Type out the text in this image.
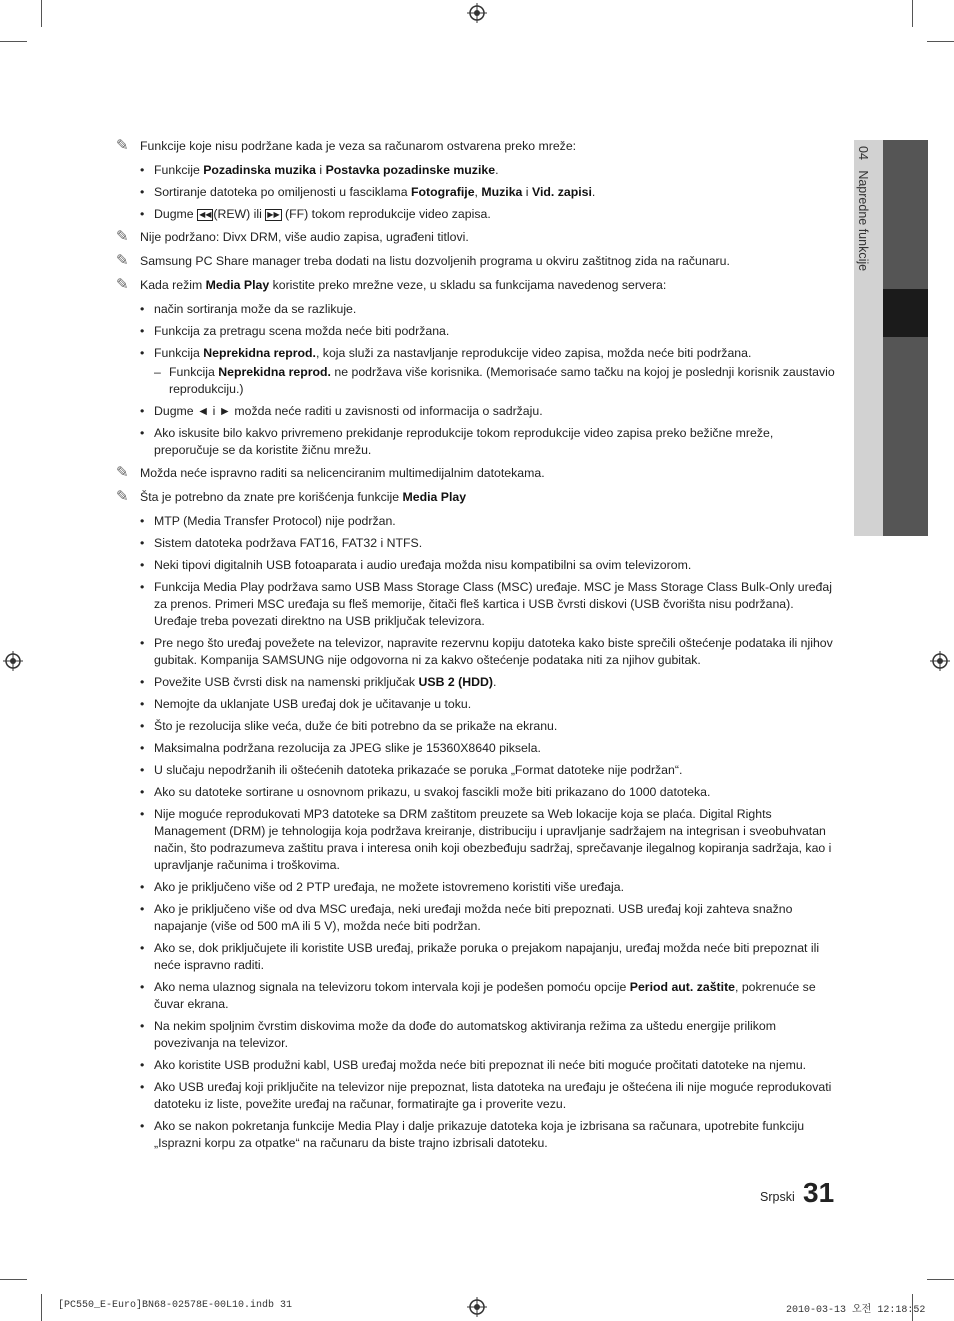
04   Napredne funkcije
✎ Funkcije koje nisu podržane kada je veza sa računarom ostvarena preko mreže:
• Funkcije Pozadinska muzika i Postavka pozadinske muzike.
• Sortiranje datoteka po omiljenosti u fasciklama Fotografije, Muzika i Vid. zapisi.
• Dugme ◀◀ (REW) ili ▶▶ (FF) tokom reprodukcije video zapisa.
✎ Nije podržano: Divx DRM, više audio zapisa, ugrađeni titlovi.
✎ Samsung PC Share manager treba dodati na listu dozvoljenih programa u okviru zaštitnog zida na računaru.
✎ Kada režim Media Play koristite preko mrežne veze, u skladu sa funkcijama navedenog servera:
• način sortiranja može da se razlikuje.
• Funkcija za pretragu scena možda neće biti podržana.
• Funkcija Neprekidna reprod., koja služi za nastavljanje reprodukcije video zapisa, možda neće biti podržana.
– Funkcija Neprekidna reprod. ne podržava više korisnika. (Memorisaće samo tačku na kojoj je poslednji korisnik zaustavio reprodukciju.)
• Dugme ◄ i ► možda neće raditi u zavisnosti od informacija o sadržaju.
• Ako iskusite bilo kakvo privremeno prekidanje reprodukcije tokom reprodukcije video zapisa preko bežične mreže, preporučuje se da koristite žičnu mrežu.
✎ Možda neće ispravno raditi sa nelicenciranim multimedijalnim datotekama.
✎ Šta je potrebno da znate pre korišćenja funkcije Media Play
• MTP (Media Transfer Protocol) nije podržan.
• Sistem datoteka podržava FAT16, FAT32 i NTFS.
• Neki tipovi digitalnih USB fotoaparata i audio uređaja možda nisu kompatibilni sa ovim televizorom.
• Funkcija Media Play podržava samo USB Mass Storage Class (MSC) uređaje. MSC je Mass Storage Class Bulk-Only uređaj za prenos. Primeri MSC uređaja su fleš memorije, čitači fleš kartica i USB čvrsti diskovi (USB čvorišta nisu podržana). Uređaje treba povezati direktno na USB priključak televizora.
• Pre nego što uređaj povežete na televizor, napravite rezervnu kopiju datoteka kako biste sprečili oštećenje podataka ili njihov gubitak. Kompanija SAMSUNG nije odgovorna ni za kakvo oštećenje podataka niti za njihov gubitak.
• Povežite USB čvrsti disk na namenski priključak USB 2 (HDD).
• Nemojte da uklanjate USB uređaj dok je učitavanje u toku.
• Što je rezolucija slike veća, duže će biti potrebno da se prikaže na ekranu.
• Maksimalna podržana rezolucija za JPEG slike je 15360X8640 piksela.
• U slučaju nepodržanih ili oštećenih datoteka prikazaće se poruka „Format datoteke nije podržan“.
• Ako su datoteke sortirane u osnovnom prikazu, u svakoj fascikli može biti prikazano do 1000 datoteka.
• Nije moguće reprodukovati MP3 datoteke sa DRM zaštitom preuzete sa Web lokacije koja se plaća. Digital Rights Management (DRM) je tehnologija koja podržava kreiranje, distribuciju i upravljanje sadržajem na integrisan i sveobuhvatan način, što podrazumeva zaštitu prava i interesa onih koji obezbeđuju sadržaj, sprečavanje ilegalnog kopiranja sadržaja, kao i upravljanje računima i troškovima.
• Ako je priključeno više od 2 PTP uređaja, ne možete istovremeno koristiti više uređaja.
• Ako je priključeno više od dva MSC uređaja, neki uređaji možda neće biti prepoznati. USB uređaj koji zahteva snažno napajanje (više od 500 mA ili 5 V), možda neće biti podržan.
• Ako se, dok priključujete ili koristite USB uređaj, prikaže poruka o prejakom napajanju, uređaj možda neće biti prepoznat ili neće ispravno raditi.
• Ako nema ulaznog signala na televizoru tokom intervala koji je podešen pomoću opcije Period aut. zaštite, pokrenuće se čuvar ekrana.
• Na nekim spoljnim čvrstim diskovima može da dođe do automatskog aktiviranja režima za uštedu energije prilikom povezivanja na televizor.
• Ako koristite USB produžni kabl, USB uređaj možda neće biti prepoznat ili neće biti moguće pročitati datoteke na njemu.
• Ako USB uređaj koji priključite na televizor nije prepoznat, lista datoteka na uređaju je oštećena ili nije moguće reprodukovati datoteku iz liste, povežite uređaj na računar, formatirajte ga i proverite vezu.
• Ako se nakon pokretanja funkcije Media Play i dalje prikazuje datoteka koja je izbrisana sa računara, upotrebite funkciju „Isprazni korpu za otpatke“ na računaru da biste trajno izbrisali datoteku.
Srpski 31
[PC550_E-Euro]BN68-02578E-00L10.indb 31	2010-03-13 오전 12:18:52
